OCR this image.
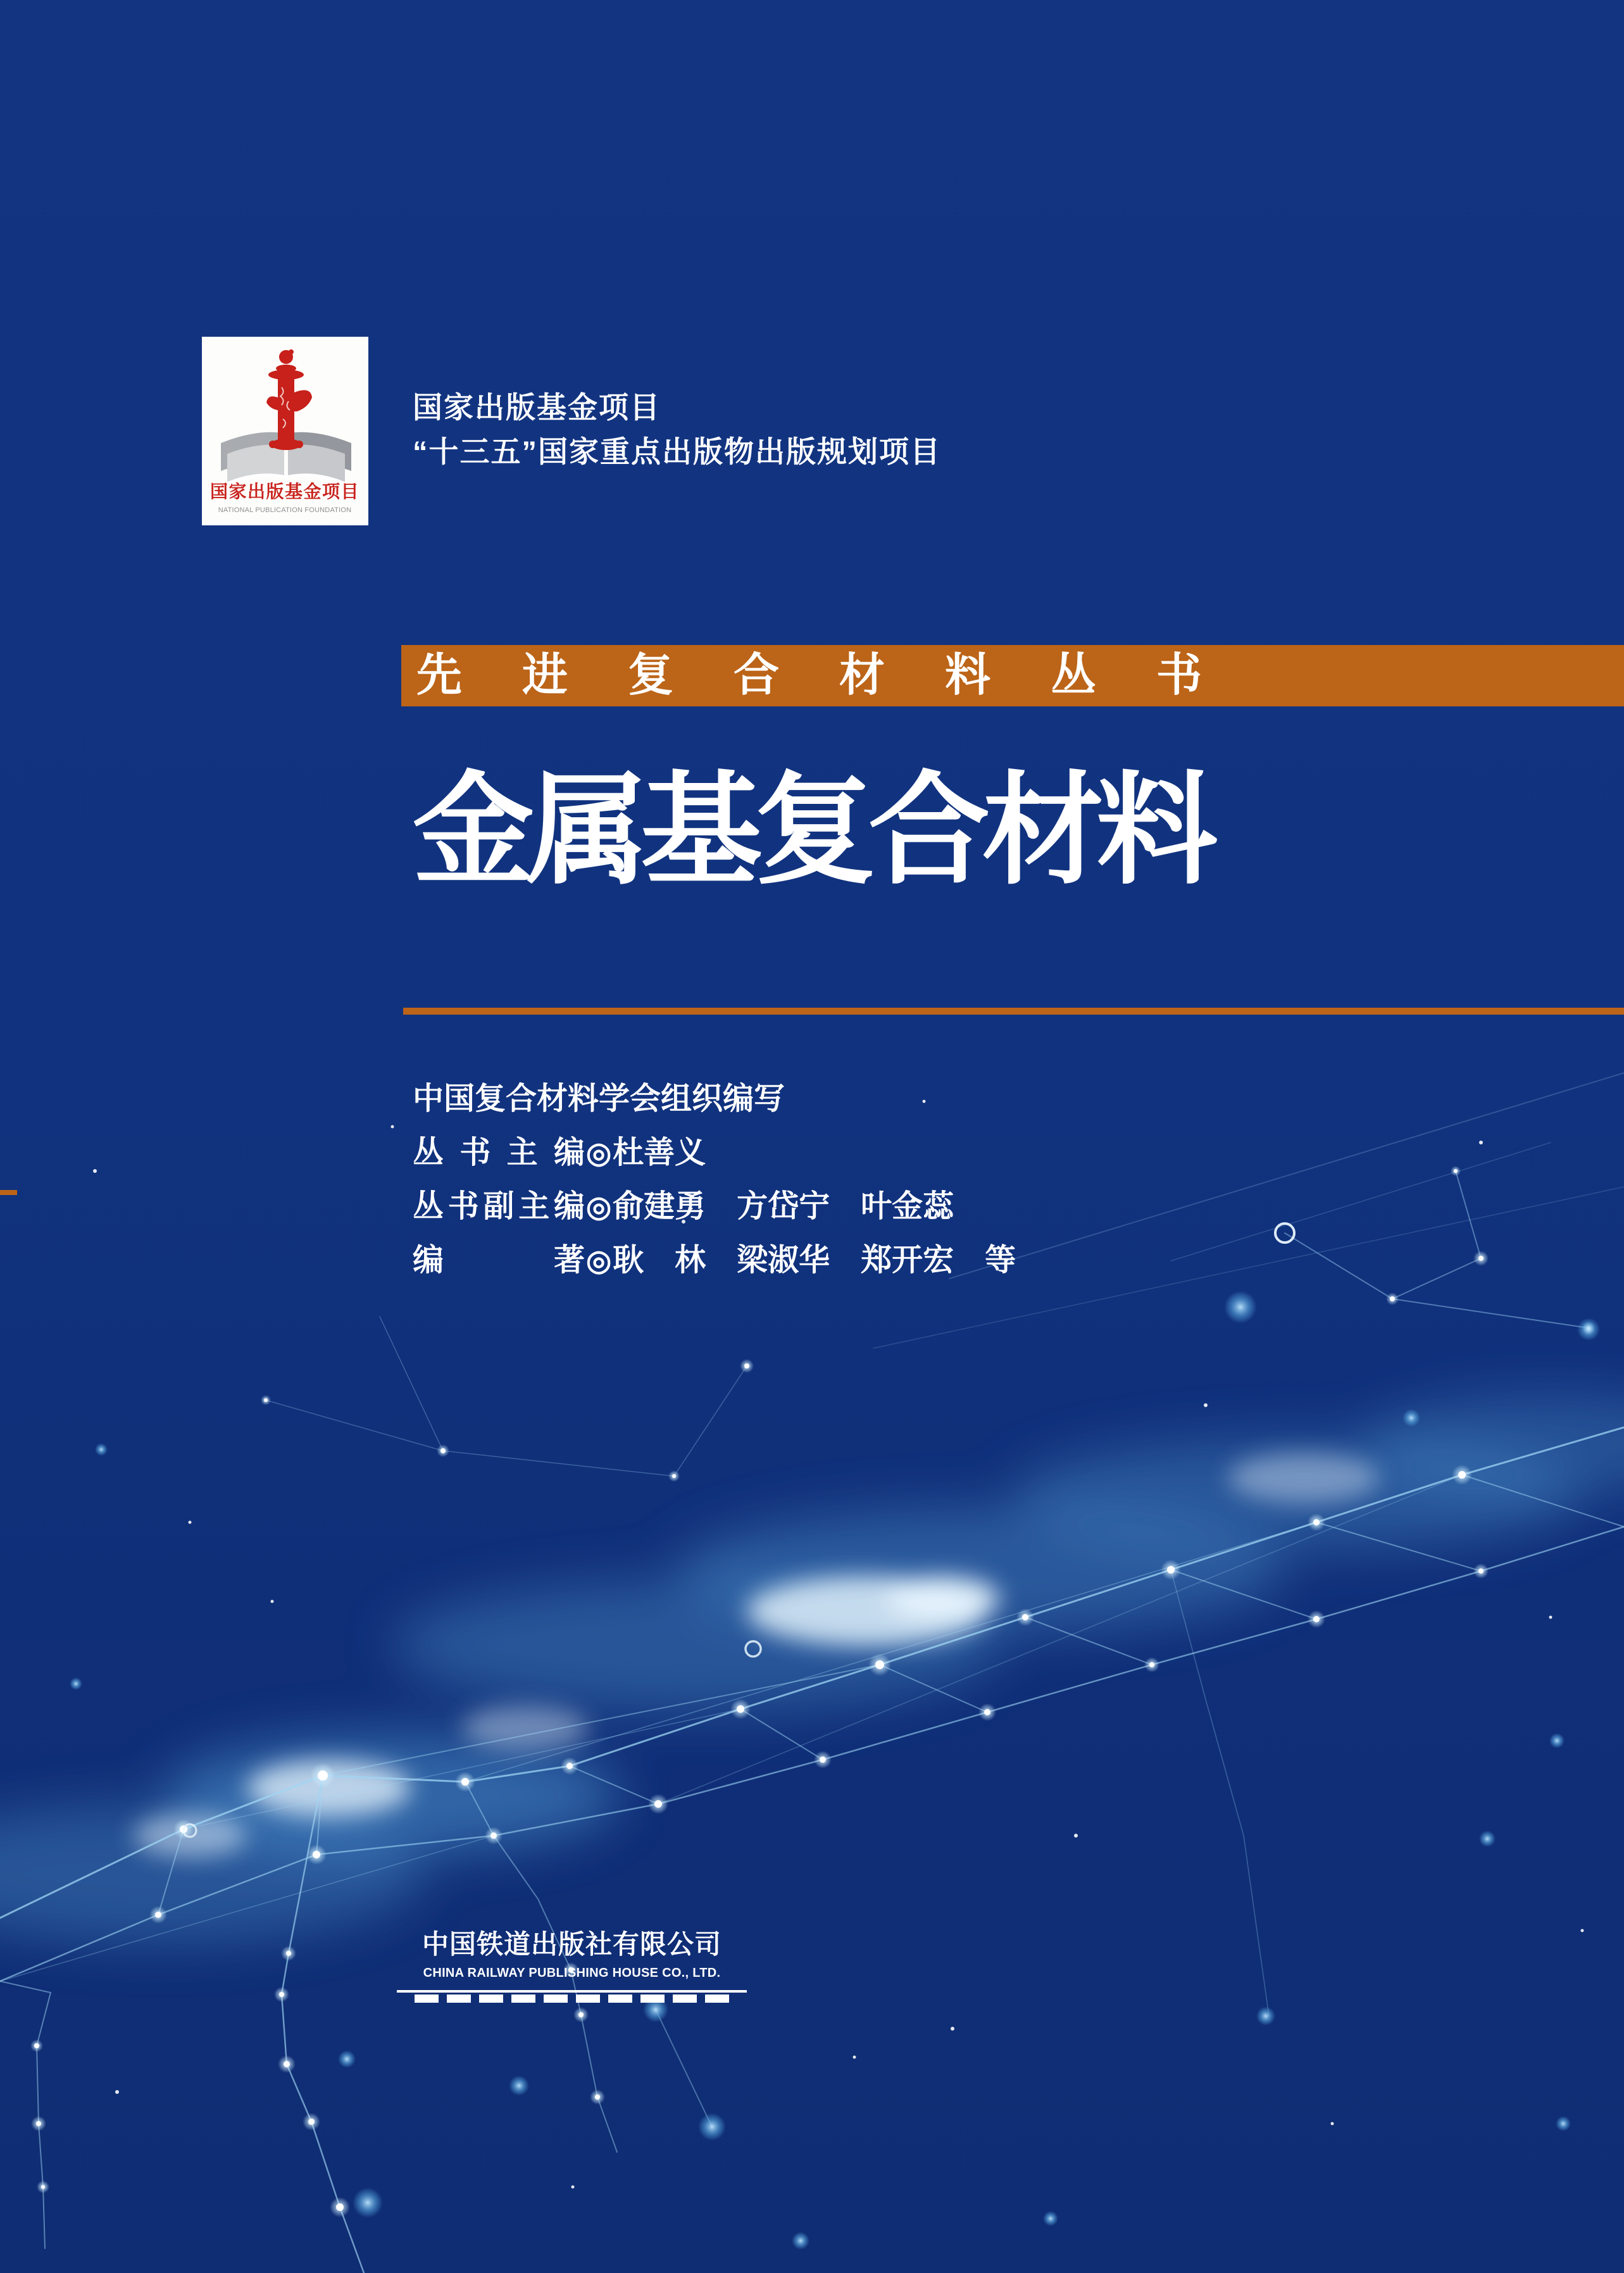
国家出版基金项目
NATIONAL PUBLICATION FOUNDATION
国家出版基金项目
“十三五”国家重点出版物出版规划项目
先进复合材料丛书
金属基复合材料
中国复合材料学会组织编写
丛书主编 ◎ 杜善义
丛书副主编 ◎ 俞建勇　方岱宁　叶金蕊
编著 ◎ 耿　林　梁淑华　郑开宏　等
中国铁道出版社有限公司
CHINA RAILWAY PUBLISHING HOUSE CO., LTD.
